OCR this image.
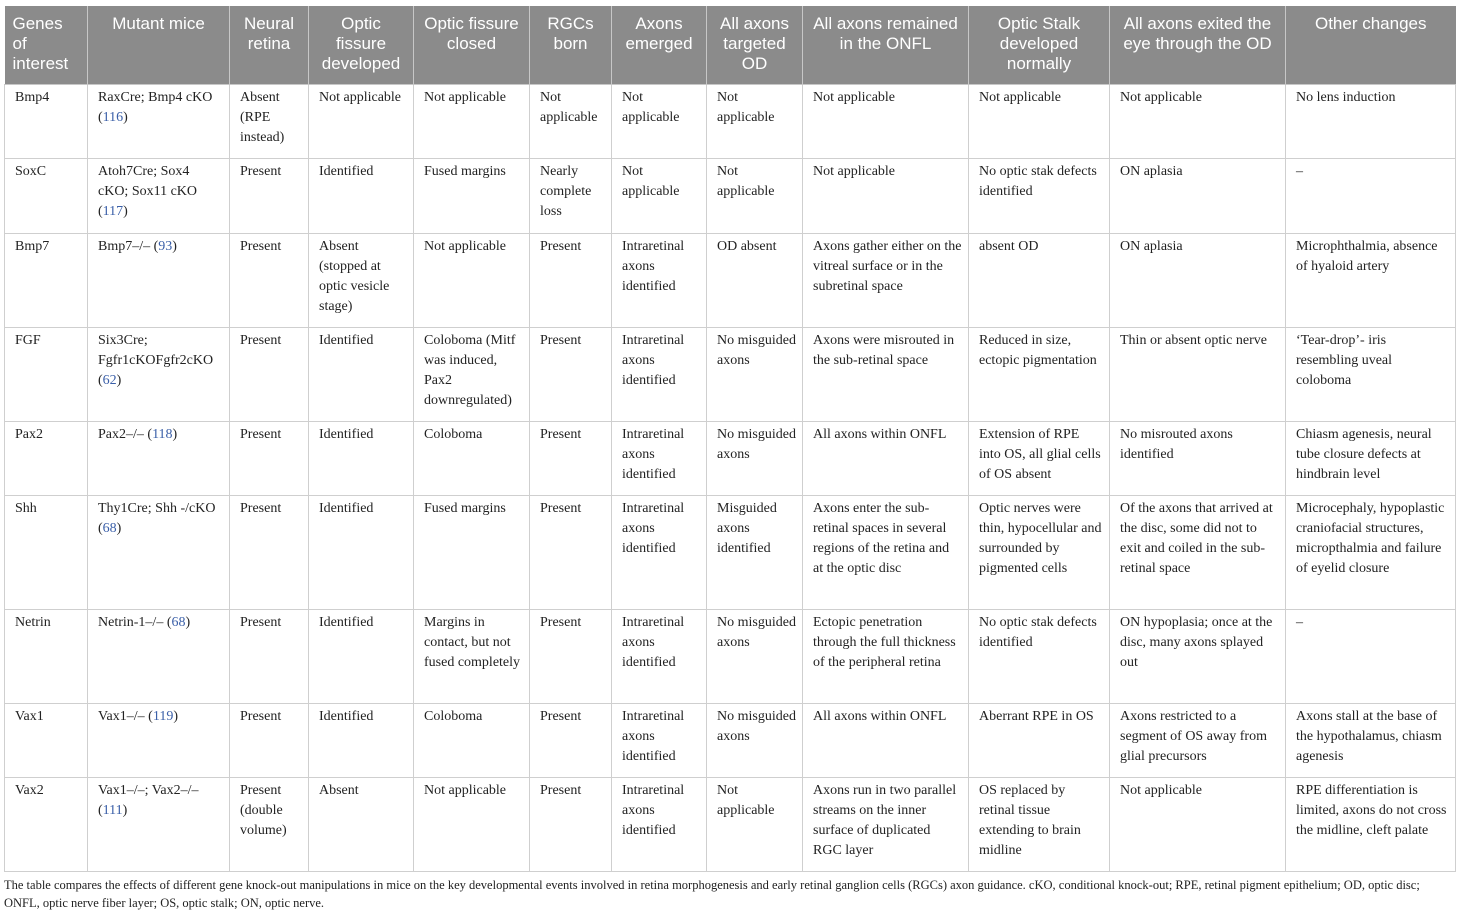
Genes of interest	Mutant mice	Neural retina	Optic fissure developed	Optic fissure closed	RGCs born	Axons emerged	All axons targeted OD	All axons remained in the ONFL	Optic Stalk developed normally	All axons exited the eye through the OD	Other changes
Bmp4	RaxCre; Bmp4 cKO (116)	Absent (RPE instead)	Not applicable	Not applicable	Not applicable	Not applicable	Not applicable	Not applicable	Not applicable	Not applicable	No lens induction
SoxC	Atoh7Cre; Sox4 cKO; Sox11 cKO (117)	Present	Identified	Fused margins	Nearly complete loss	Not applicable	Not applicable	Not applicable	No optic stak defects identified	ON aplasia	–
Bmp7	Bmp7–/– (93)	Present	Absent (stopped at optic vesicle stage)	Not applicable	Present	Intraretinal axons identified	OD absent	Axons gather either on the vitreal surface or in the subretinal space	absent OD	ON aplasia	Microphthalmia, absence of hyaloid artery
FGF	Six3Cre; Fgfr1cKOFgfr2cKO (62)	Present	Identified	Coloboma (Mitf was induced, Pax2 downregulated)	Present	Intraretinal axons identified	No misguided axons	Axons were misrouted in the sub-retinal space	Reduced in size, ectopic pigmentation	Thin or absent optic nerve	‘Tear-drop’- iris resembling uveal coloboma
Pax2	Pax2–/– (118)	Present	Identified	Coloboma	Present	Intraretinal axons identified	No misguided axons	All axons within ONFL	Extension of RPE into OS, all glial cells of OS absent	No misrouted axons identified	Chiasm agenesis, neural tube closure defects at hindbrain level
Shh	Thy1Cre; Shh -/cKO (68)	Present	Identified	Fused margins	Present	Intraretinal axons identified	Misguided axons identified	Axons enter the sub-retinal spaces in several regions of the retina and at the optic disc	Optic nerves were thin, hypocellular and surrounded by pigmented cells	Of the axons that arrived at the disc, some did not to exit and coiled in the sub-retinal space	Microcephaly, hypoplastic craniofacial structures, micropthalmia and failure of eyelid closure
Netrin	Netrin-1–/– (68)	Present	Identified	Margins in contact, but not fused completely	Present	Intraretinal axons identified	No misguided axons	Ectopic penetration through the full thickness of the peripheral retina	No optic stak defects identified	ON hypoplasia; once at the disc, many axons splayed out	–
Vax1	Vax1–/– (119)	Present	Identified	Coloboma	Present	Intraretinal axons identified	No misguided axons	All axons within ONFL	Aberrant RPE in OS	Axons restricted to a segment of OS away from glial precursors	Axons stall at the base of the hypothalamus, chiasm agenesis
Vax2	Vax1–/–; Vax2–/– (111)	Present (double volume)	Absent	Not applicable	Present	Intraretinal axons identified	Not applicable	Axons run in two parallel streams on the inner surface of duplicated RGC layer	OS replaced by retinal tissue extending to brain midline	Not applicable	RPE differentiation is limited, axons do not cross the midline, cleft palate
The table compares the effects of different gene knock-out manipulations in mice on the key developmental events involved in retina morphogenesis and early retinal ganglion cells (RGCs) axon guidance. cKO, conditional knock-out; RPE, retinal pigment epithelium; OD, optic disc; ONFL, optic nerve fiber layer; OS, optic stalk; ON, optic nerve.
